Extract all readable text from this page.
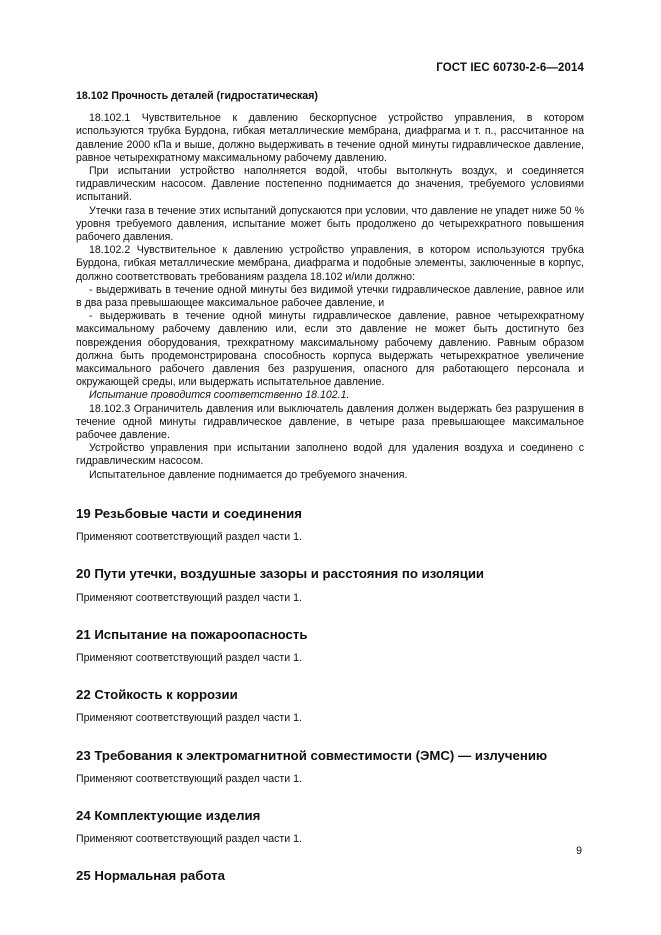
ГОСТ IEC 60730-2-6—2014
18.102 Прочность деталей (гидростатическая)

18.102.1 Чувствительное к давлению бескорпусное устройство управления, в котором используются трубка Бурдона, гибкая металлические мембрана, диафрагма и т. п., рассчитанное на давление 2000 кПа и выше, должно выдерживать в течение одной минуты гидравлическое давление, равное четырехкратному максимальному рабочему давлению.

При испытании устройство наполняется водой, чтобы вытолкнуть воздух, и соединяется гидравлическим насосом. Давление постепенно поднимается до значения, требуемого условиями испытаний.

Утечки газа в течение этих испытаний допускаются при условии, что давление не упадет ниже 50 % уровня требуемого давления, испытание может быть продолжено до четырехкратного повышения рабочего давления.

18.102.2 Чувствительное к давлению устройство управления, в котором используются трубка Бурдона, гибкая металлические мембрана, диафрагма и подобные элементы, заключенные в корпус, должно соответствовать требованиям раздела 18.102 и/или должно:

- выдерживать в течение одной минуты без видимой утечки гидравлическое давление, равное или в два раза превышающее максимальное рабочее давление, и

- выдерживать в течение одной минуты гидравлическое давление, равное четырехкратному максимальному рабочему давлению или, если это давление не может быть достигнуто без повреждения оборудования, трехкратному максимальному рабочему давлению. Равным образом должна быть продемонстрирована способность корпуса выдержать четырехкратное увеличение максимального рабочего давления без разрушения, опасного для работающего персонала и окружающей среды, или выдержать испытательное давление.

Испытание проводится соответственно 18.102.1.

18.102.3 Ограничитель давления или выключатель давления должен выдержать без разрушения в течение одной минуты гидравлическое давление, в четыре раза превышающее максимальное рабочее давление.

Устройство управления при испытании заполнено водой для удаления воздуха и соединено с гидравлическим насосом.

Испытательное давление поднимается до требуемого значения.

19 Резьбовые части и соединения
Применяют соответствующий раздел части 1.
20 Пути утечки, воздушные зазоры и расстояния по изоляции
Применяют соответствующий раздел части 1.
21 Испытание на пожароопасность
Применяют соответствующий раздел части 1.
22 Стойкость к коррозии
Применяют соответствующий раздел части 1.
23 Требования к электромагнитной совместимости (ЭМС) — излучению
Применяют соответствующий раздел части 1.
24 Комплектующие изделия
Применяют соответствующий раздел части 1.
25 Нормальная работа
9
